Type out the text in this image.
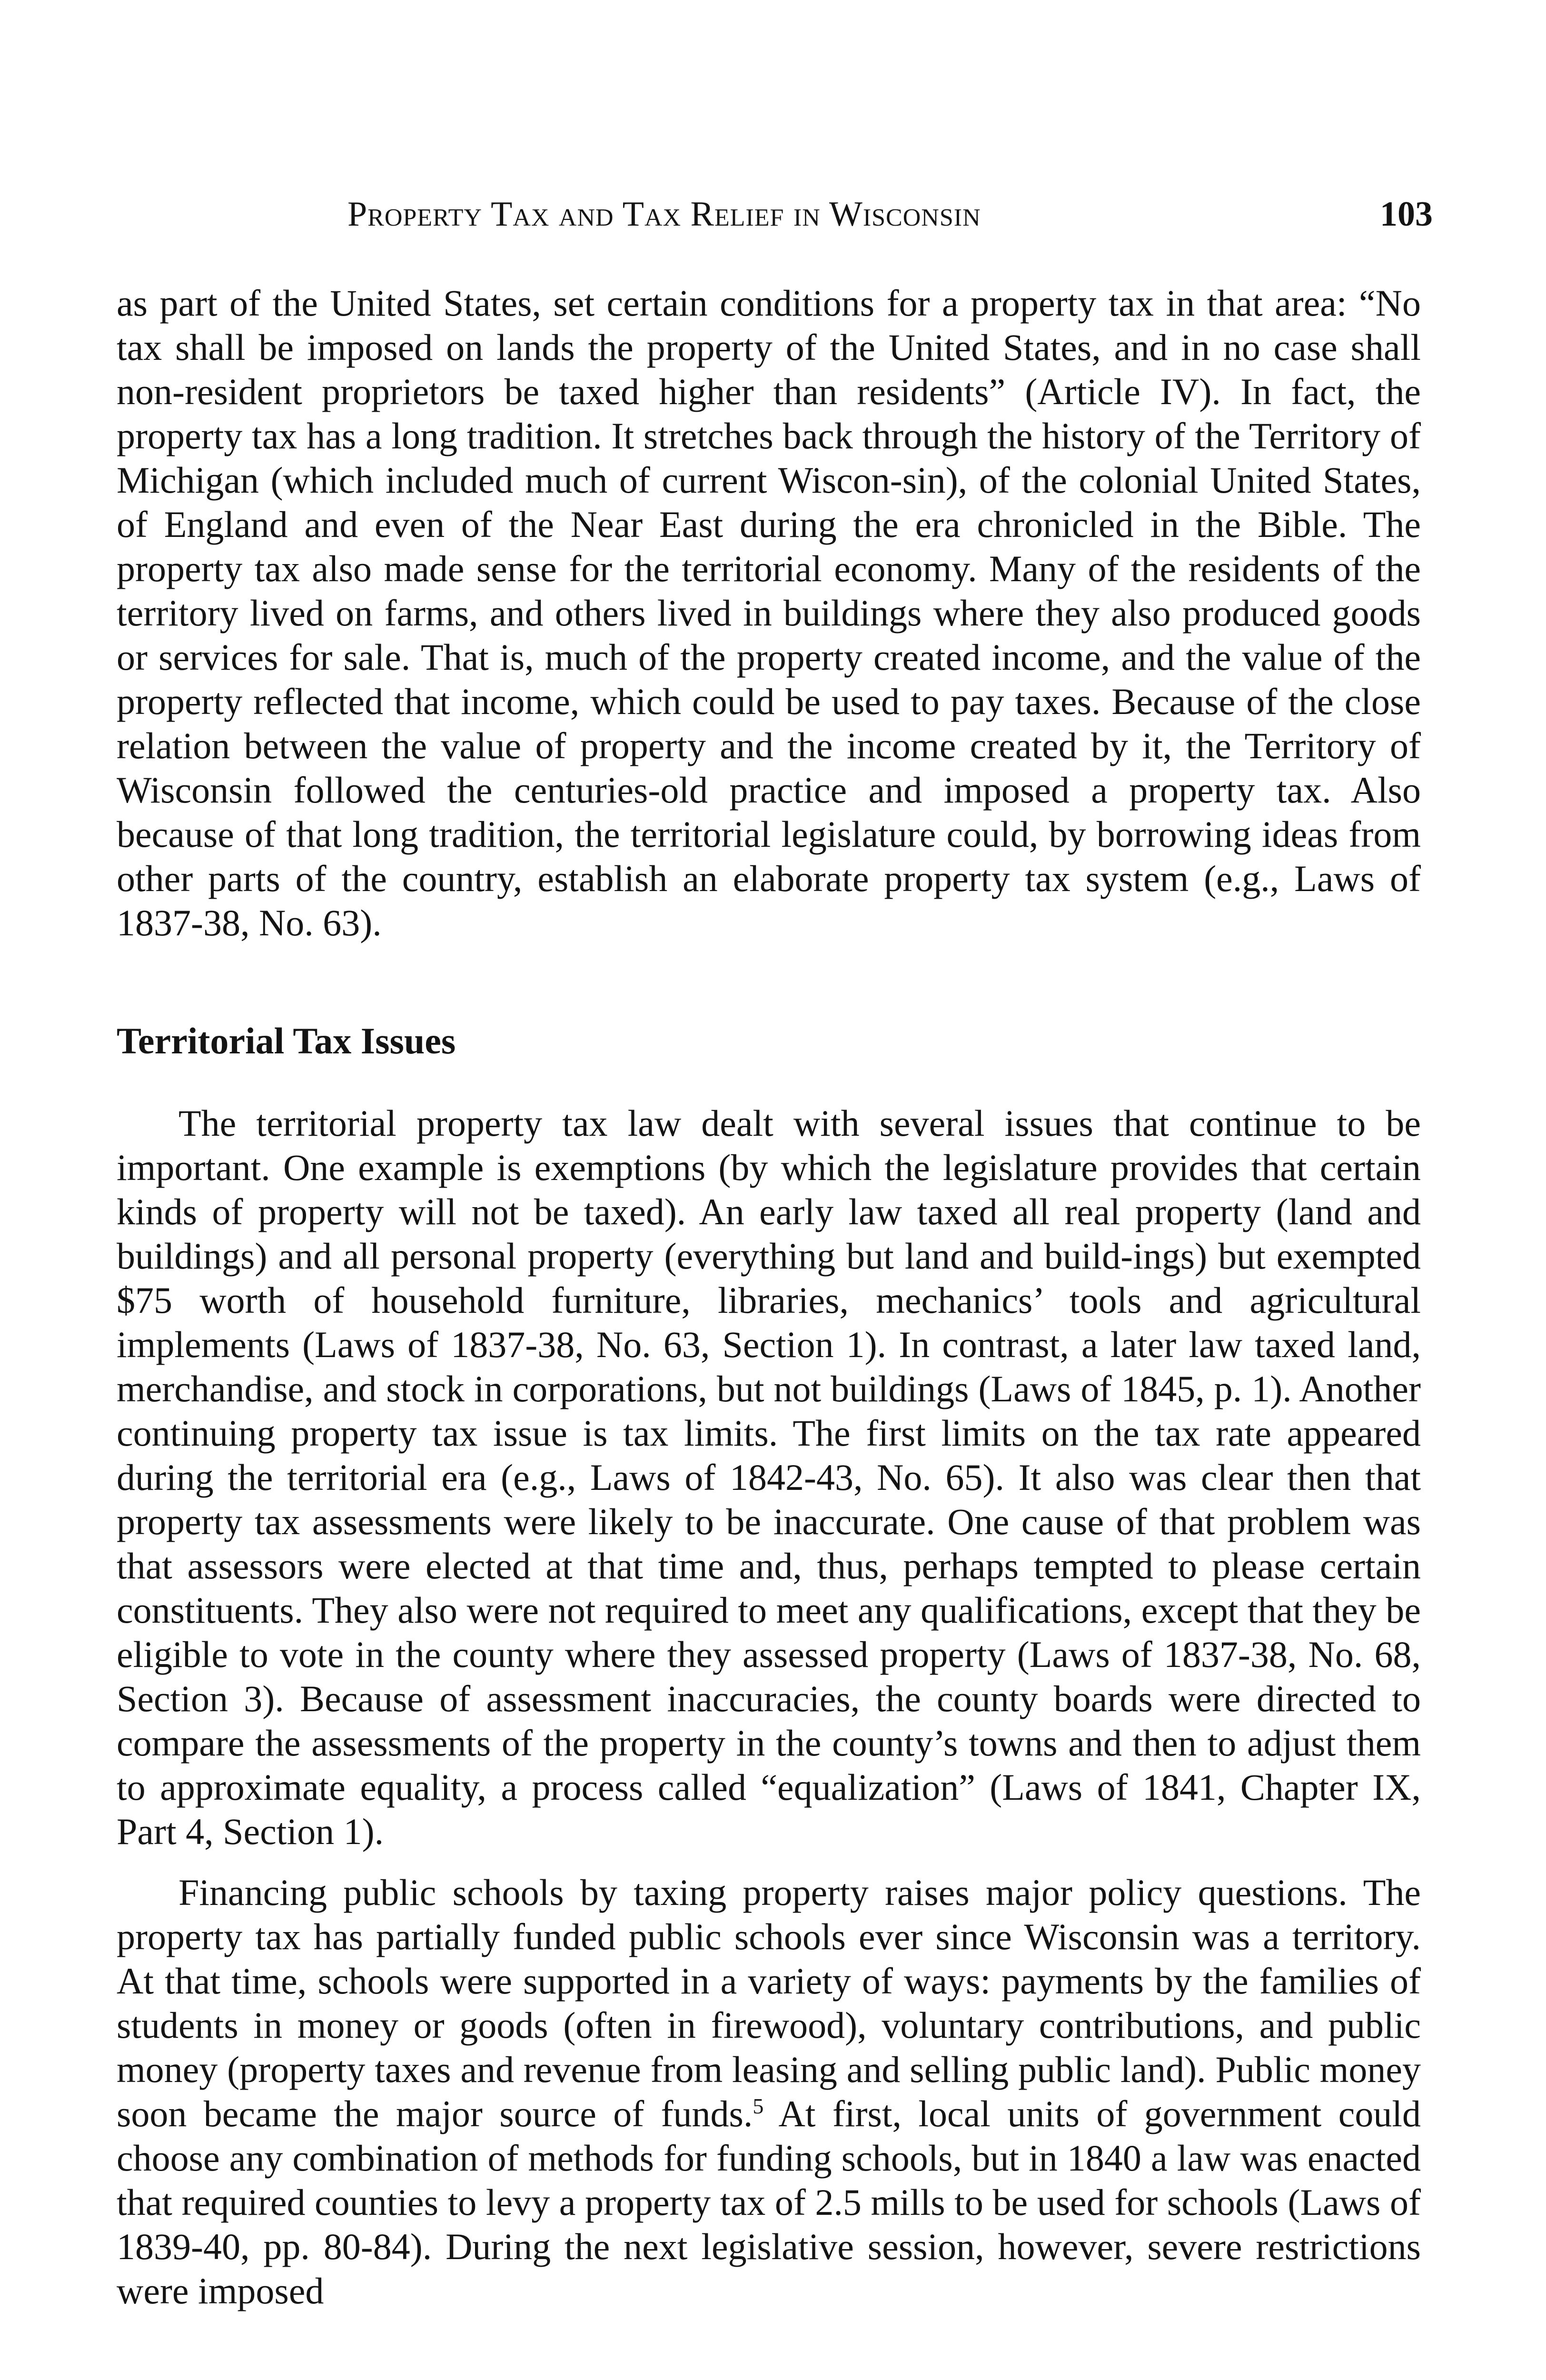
Property Tax and Tax Relief in Wisconsin	103

as part of the United States, set certain conditions for a property tax in that area: “No tax shall be imposed on lands the property of the United States, and in no case shall non-resident proprietors be taxed higher than residents” (Article IV). In fact, the property tax has a long tradition. It stretches back through the history of the Territory of Michigan (which included much of current Wiscon-sin), of the colonial United States, of England and even of the Near East during the era chronicled in the Bible. The property tax also made sense for the territorial economy. Many of the residents of the territory lived on farms, and others lived in buildings where they also produced goods or services for sale. That is, much of the property created income, and the value of the property reflected that income, which could be used to pay taxes. Because of the close relation between the value of property and the income created by it, the Territory of Wisconsin followed the centuries-old practice and imposed a property tax. Also because of that long tradition, the territorial legislature could, by borrowing ideas from other parts of the country, establish an elaborate property tax system (e.g., Laws of 1837-38, No. 63).

Territorial Tax Issues

The territorial property tax law dealt with several issues that continue to be important. One example is exemptions (by which the legislature provides that certain kinds of property will not be taxed). An early law taxed all real property (land and buildings) and all personal property (everything but land and build-ings) but exempted $75 worth of household furniture, libraries, mechanics’ tools and agricultural implements (Laws of 1837-38, No. 63, Section 1). In contrast, a later law taxed land, merchandise, and stock in corporations, but not buildings (Laws of 1845, p. 1). Another continuing property tax issue is tax limits. The first limits on the tax rate appeared during the territorial era (e.g., Laws of 1842-43, No. 65). It also was clear then that property tax assessments were likely to be inaccurate. One cause of that problem was that assessors were elected at that time and, thus, perhaps tempted to please certain constituents. They also were not required to meet any qualifications, except that they be eligible to vote in the county where they assessed property (Laws of 1837-38, No. 68, Section 3). Because of assessment inaccuracies, the county boards were directed to compare the assessments of the property in the county’s towns and then to adjust them to approximate equality, a process called “equalization” (Laws of 1841, Chapter IX, Part 4, Section 1).

Financing public schools by taxing property raises major policy questions. The property tax has partially funded public schools ever since Wisconsin was a territory. At that time, schools were supported in a variety of ways: payments by the families of students in money or goods (often in firewood), voluntary contributions, and public money (property taxes and revenue from leasing and selling public land). Public money soon became the major source of funds.$^5$ At first, local units of government could choose any combination of methods for funding schools, but in 1840 a law was enacted that required counties to levy a property tax of 2.5 mills to be used for schools (Laws of 1839-40, pp. 80-84). During the next legislative session, however, severe restrictions were imposed
